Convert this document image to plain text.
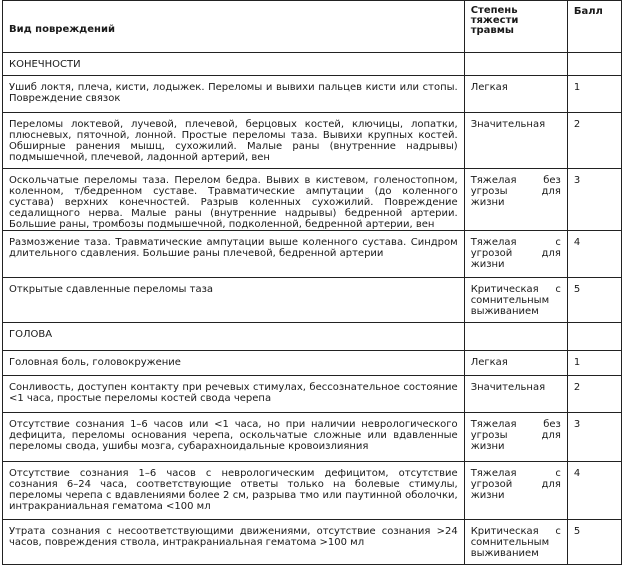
Вид повреждений	Степень тяжести травмы	Балл
КОНЕЧНОСТИ		
Ушиб локтя, плеча, кисти, лодыжек. Переломы и вывихи пальцев кисти или стопы. Повреждение связок	Легкая	1
Переломы локтевой, лучевой, плечевой, берцовых костей, ключицы, лопатки, плюсневых, пяточной, лонной. Простые переломы таза. Вывихи крупных костей. Обширные ранения мышц, сухожилий. Малые раны (внутренние надрывы) подмышечной, плечевой, ладонной артерий, вен	Значительная	2
Оскольчатые переломы таза. Перелом бедра. Вывих в кистевом, голеностопном, коленном, т/бедренном суставе. Травматические ампутации (до коленного сустава) верхних конечностей. Разрыв коленных сухожилий. Повреждение седалищного нерва. Малые раны (внутренние надрывы) бедренной артерии. Большие раны, тромбозы подмышечной, подколенной, бедренной артерии, вен	Тяжелая без угрозы для жизни	3
Размозжение таза. Травматические ампутации выше коленного сустава. Синдром длительного сдавления. Большие раны плечевой, бедренной артерии	Тяжелая с угрозой для жизни	4
Открытые сдавленные переломы таза	Критическая с сомнительным выживанием	5
ГОЛОВА		
Головная боль, головокружение	Легкая	1
Сонливость, доступен контакту при речевых стимулах, бессознательное состояние <1 часа, простые переломы костей свода черепа	Значительная	2
Отсутствие сознания 1–6 часов или <1 часа, но при наличии неврологического дефицита, переломы основания черепа, оскольчатые сложные или вдавленные переломы свода, ушибы мозга, субарахноидальные кровоизлияния	Тяжелая без угрозы для жизни	3
Отсутствие сознания 1–6 часов с неврологическим дефицитом, отсутствие сознания 6–24 часа, соответствующие ответы только на болевые стимулы, переломы черепа с вдавлениями более 2 см, разрыва тмо или паутинной оболочки, интракраниальная гематома <100 мл	Тяжелая с угрозой для жизни	4
Утрата сознания с несоответствующими движениями, отсутствие сознания >24 часов, повреждения ствола, интракраниальная гематома >100 мл	Критическая с сомнительным выживанием	5
